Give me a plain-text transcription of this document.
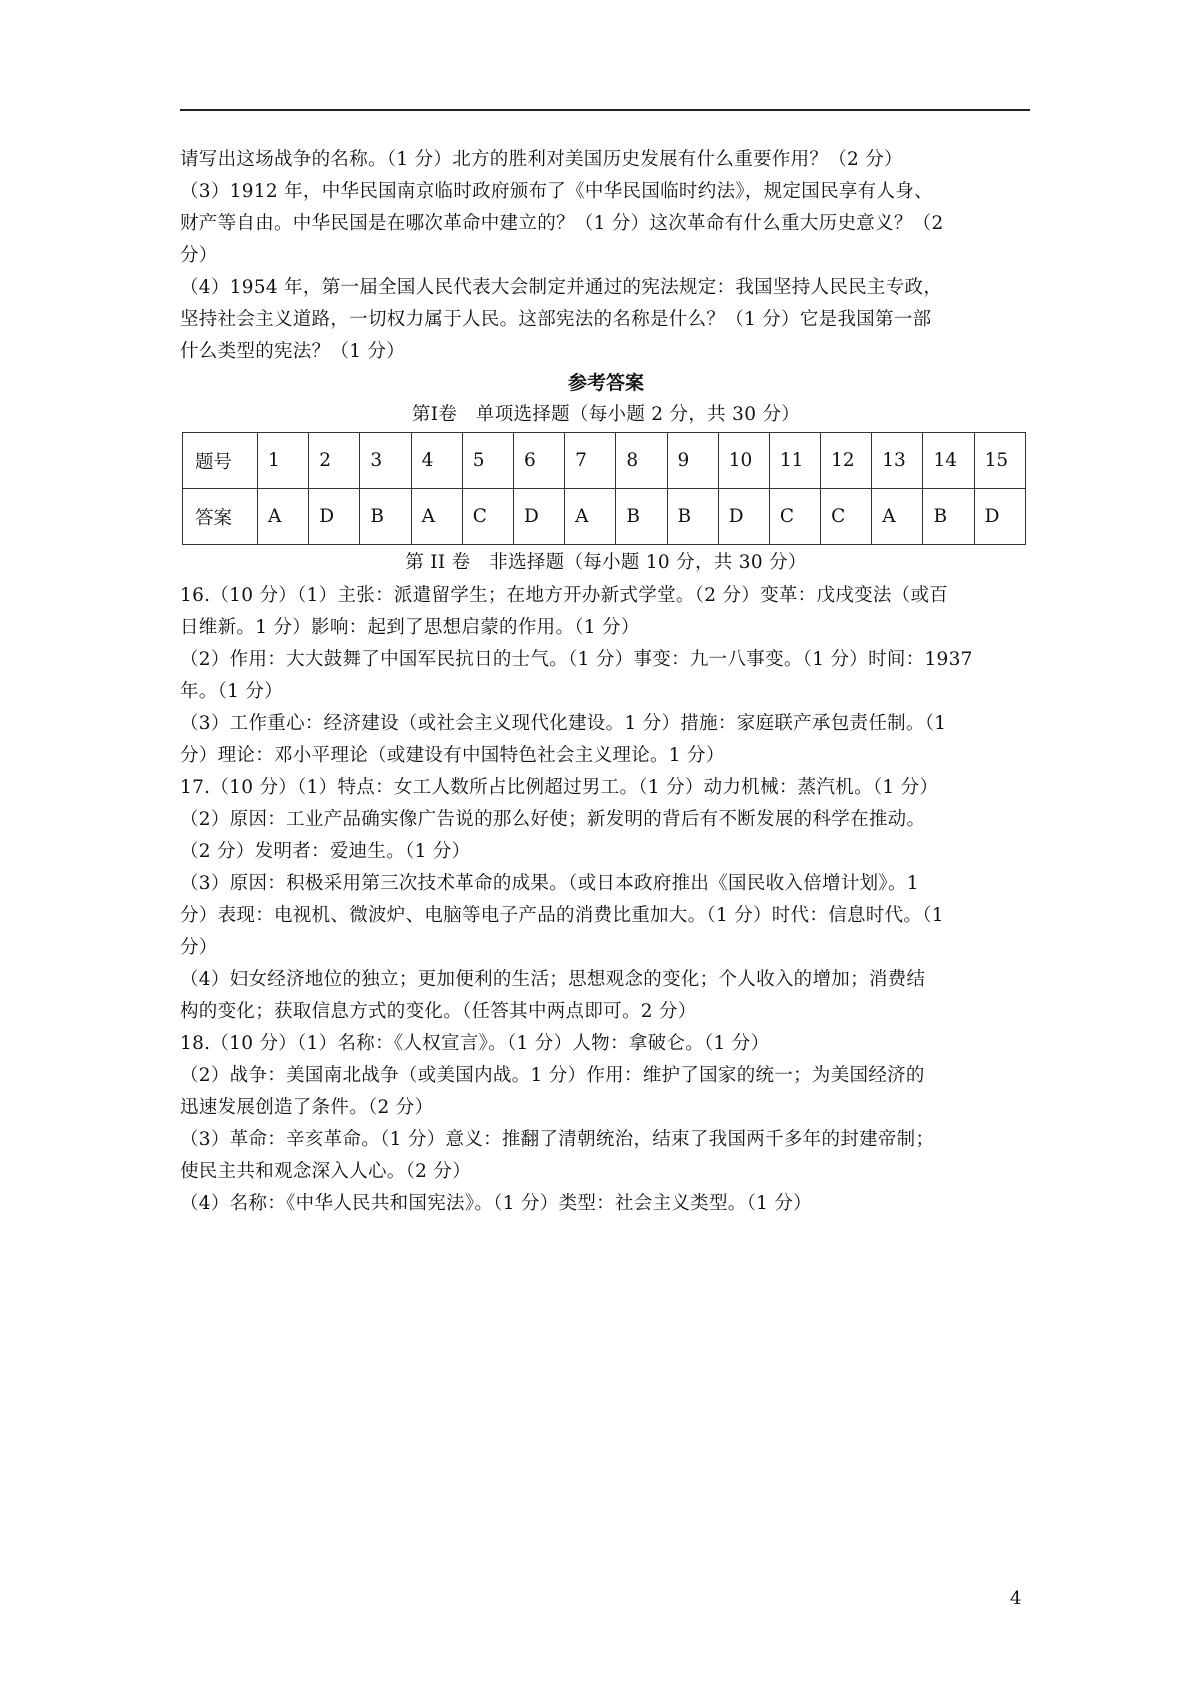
请写出这场战争的名称。（1 分）北方的胜利对美国历史发展有什么重要作用？（2 分）

（3）1912 年，中华民国南京临时政府颁布了《中华民国临时约法》，规定国民享有人身、

财产等自由。中华民国是在哪次革命中建立的？（1 分）这次革命有什么重大历史意义？（2

分）

（4）1954 年，第一届全国人民代表大会制定并通过的宪法规定：我国坚持人民民主专政，

坚持社会主义道路，一切权力属于人民。这部宪法的名称是什么？（1 分）它是我国第一部

什么类型的宪法？（1 分）

参考答案
第Ⅰ卷　单项选择题（每小题 2 分，共 30 分）
题号	1	2	3	4	5	6	7	8	9	10	11	12	13	14	15
答案	A	D	B	A	C	D	A	B	B	D	C	C	A	B	D
第 II 卷　非选择题（每小题 10 分，共 30 分）

16.（10 分）（1）主张：派遣留学生；在地方开办新式学堂。（2 分）变革：戊戌变法（或百

日维新。1 分）影响：起到了思想启蒙的作用。（1 分）

（2）作用：大大鼓舞了中国军民抗日的士气。（1 分）事变：九一八事变。（1 分）时间：1937

年。（1 分）

（3）工作重心：经济建设（或社会主义现代化建设。1 分）措施：家庭联产承包责任制。（1

分）理论：邓小平理论（或建设有中国特色社会主义理论。1 分）

17.（10 分）（1）特点：女工人数所占比例超过男工。（1 分）动力机械：蒸汽机。（1 分）

（2）原因：工业产品确实像广告说的那么好使；新发明的背后有不断发展的科学在推动。

（2 分）发明者：爱迪生。（1 分）

（3）原因：积极采用第三次技术革命的成果。（或日本政府推出《国民收入倍增计划》。1

分）表现：电视机、微波炉、电脑等电子产品的消费比重加大。（1 分）时代：信息时代。（1

分）

（4）妇女经济地位的独立；更加便利的生活；思想观念的变化；个人收入的增加；消费结

构的变化；获取信息方式的变化。（任答其中两点即可。2 分）

18.（10 分）（1）名称：《人权宣言》。（1 分）人物：拿破仑。（1 分）

（2）战争：美国南北战争（或美国内战。1 分）作用：维护了国家的统一；为美国经济的

迅速发展创造了条件。（2 分）

（3）革命：辛亥革命。（1 分）意义：推翻了清朝统治，结束了我国两千多年的封建帝制；

使民主共和观念深入人心。（2 分）

（4）名称：《中华人民共和国宪法》。（1 分）类型：社会主义类型。（1 分）

4
